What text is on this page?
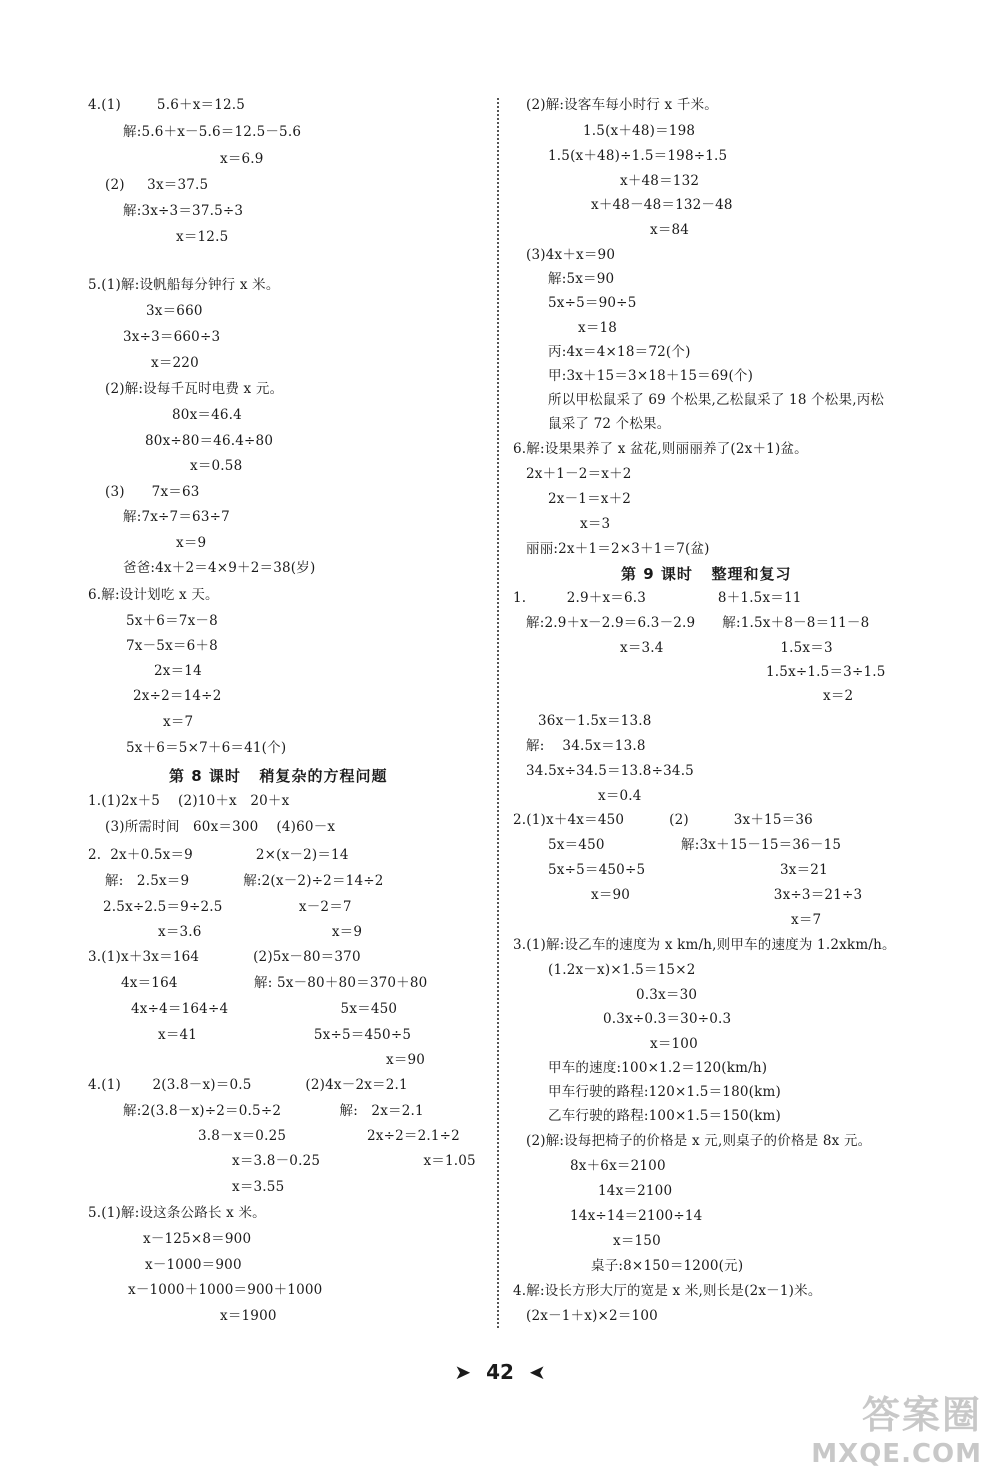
4.(1)        5.6＋x＝12.5
解:5.6＋x－5.6＝12.5－5.6
x＝6.9
(2)     3x＝37.5
解:3x÷3＝37.5÷3
x＝12.5
5.(1)解:设帆船每分钟行 x 米。
3x＝660
3x÷3＝660÷3
x＝220
(2)解:设每千瓦时电费 x 元。
80x＝46.4
80x÷80＝46.4÷80
x＝0.58
(3)      7x＝63
解:7x÷7＝63÷7
x＝9
爸爸:4x＋2＝4×9＋2＝38(岁)
6.解:设计划吃 x 天。
5x＋6＝7x－8
7x－5x＝6＋8
2x＝14
2x÷2＝14÷2
x＝7
5x＋6＝5×7＋6＝41(个)
1.(1)2x＋5    (2)10＋x   20＋x
(3)所需时间   60x＝300    (4)60－x
2.  2x＋0.5x＝9              2×(x－2)＝14
解:   2.5x＝9            解:2(x－2)÷2＝14÷2
2.5x÷2.5＝9÷2.5                 x－2＝7
x＝3.6                             x＝9
3.(1)x＋3x＝164            (2)5x－80＝370
4x＝164                 解: 5x－80＋80＝370＋80
4x÷4＝164÷4                         5x＝450
x＝41                          5x÷5＝450÷5
x＝90
4.(1)       2(3.8－x)＝0.5            (2)4x－2x＝2.1
解:2(3.8－x)÷2＝0.5÷2             解:   2x＝2.1
3.8－x＝0.25                  2x÷2＝2.1÷2
x＝3.8－0.25                       x＝1.05
x＝3.55
5.(1)解:设这条公路长 x 米。
x－125×8＝900
x－1000＝900
x－1000＋1000＝900＋1000
x＝1900
第 8 课时   稍复杂的方程问题
(2)解:设客车每小时行 x 千米。
1.5(x＋48)＝198
1.5(x＋48)÷1.5＝198÷1.5
x＋48＝132
x＋48－48＝132－48
x＝84
(3)4x＋x＝90
解:5x＝90
5x÷5＝90÷5
x＝18
丙:4x＝4×18＝72(个)
甲:3x＋15＝3×18＋15＝69(个)
所以甲松鼠采了 69 个松果,乙松鼠采了 18 个松果,丙松
鼠采了 72 个松果。
6.解:设果果养了 x 盆花,则丽丽养了(2x＋1)盆。
2x＋1－2＝x＋2
2x－1＝x＋2
x＝3
丽丽:2x＋1＝2×3＋1＝7(盆)
1.         2.9＋x＝6.3                8＋1.5x＝11
解:2.9＋x－2.9＝6.3－2.9      解:1.5x＋8－8＝11－8
x＝3.4                          1.5x＝3
1.5x÷1.5＝3÷1.5
x＝2
36x－1.5x＝13.8
解:    34.5x＝13.8
34.5x÷34.5＝13.8÷34.5
x＝0.4
2.(1)x＋4x＝450          (2)          3x＋15＝36
5x＝450                 解:3x＋15－15＝36－15
5x÷5＝450÷5                              3x＝21
x＝90                                3x÷3＝21÷3
x＝7
3.(1)解:设乙车的速度为 x km/h,则甲车的速度为 1.2xkm/h。
(1.2x－x)×1.5＝15×2
0.3x＝30
0.3x÷0.3＝30÷0.3
x＝100
甲车的速度:100×1.2＝120(km/h)
甲车行驶的路程:120×1.5＝180(km)
乙车行驶的路程:100×1.5＝150(km)
(2)解:设每把椅子的价格是 x 元,则桌子的价格是 8x 元。
8x＋6x＝2100
14x＝2100
14x÷14＝2100÷14
x＝150
桌子:8×150＝1200(元)
4.解:设长方形大厅的宽是 x 米,则长是(2x－1)米。
(2x－1＋x)×2＝100
第 9 课时   整理和复习
➤ 42 ➤
答案圈
MXQE.COM
